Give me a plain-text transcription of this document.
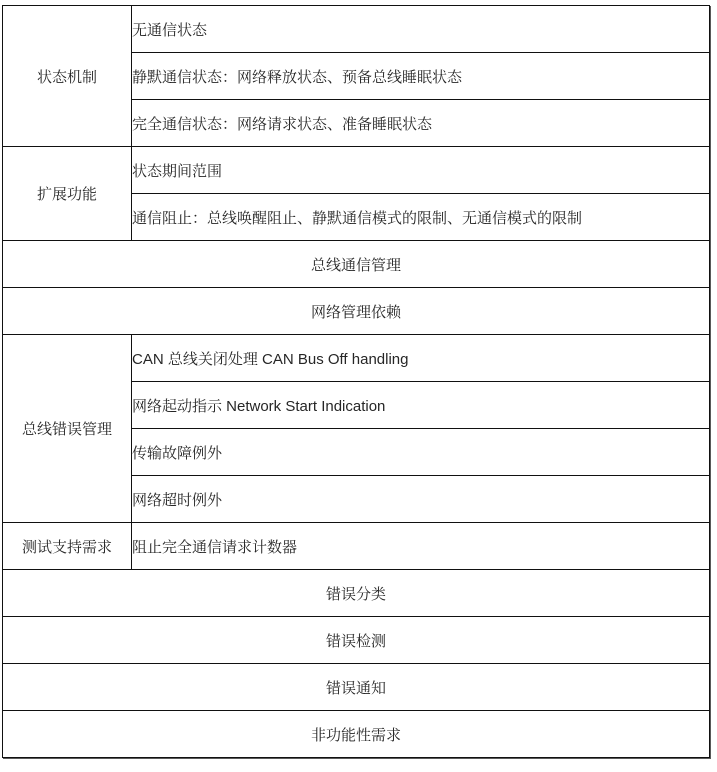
状态机制	无通信状态
	静默通信状态：网络释放状态、预备总线睡眠状态
	完全通信状态：网络请求状态、准备睡眠状态
扩展功能	状态期间范围
	通信阻止：总线唤醒阻止、静默通信模式的限制、无通信模式的限制
总线通信管理	
网络管理依赖	
总线错误管理	CAN 总线关闭处理 CAN Bus Off handling
	网络起动指示 Network Start Indication
	传输故障例外
	网络超时例外
测试支持需求	阻止完全通信请求计数器
错误分类	
错误检测	
错误通知	
非功能性需求	
